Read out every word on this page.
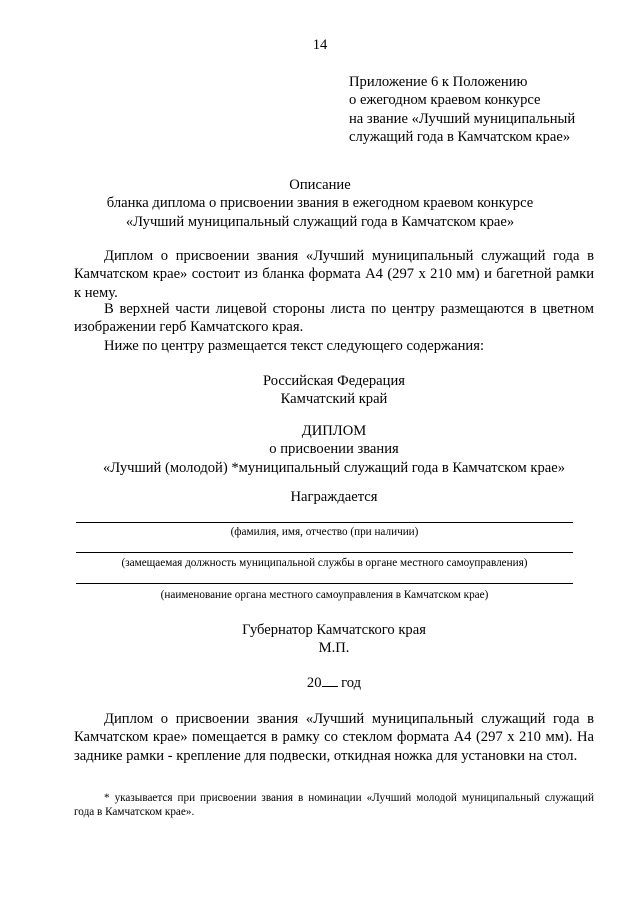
14
Приложение 6 к Положению
о ежегодном краевом конкурсе
на звание «Лучший муниципальный
служащий года в Камчатском крае»
Описание
бланка диплома о присвоении звания в ежегодном краевом конкурсе
«Лучший муниципальный служащий года в Камчатском крае»
Диплом о присвоении звания «Лучший муниципальный служащий года в Камчатском крае» состоит из бланка формата А4 (297 х 210 мм) и багетной рамки к нему.
В верхней части лицевой стороны листа по центру размещаются в цветном изображении герб Камчатского края.
Ниже по центру размещается текст следующего содержания:
Российская Федерация
Камчатский край
ДИПЛОМ
о присвоении звания
«Лучший (молодой) *муниципальный служащий года в Камчатском крае»
Награждается
(фамилия, имя, отчество (при наличии)
(замещаемая должность муниципальной службы в органе местного самоуправления)
(наименование органа местного самоуправления в Камчатском крае)
Губернатор Камчатского края
М.П.
20 год
Диплом о присвоении звания «Лучший муниципальный служащий года в Камчатском крае» помещается в рамку со стеклом формата А4 (297 х 210 мм). На заднике рамки - крепление для подвески, откидная ножка для установки на стол.
* указывается при присвоении звания в номинации «Лучший молодой муниципальный служащий года в Камчатском крае».
